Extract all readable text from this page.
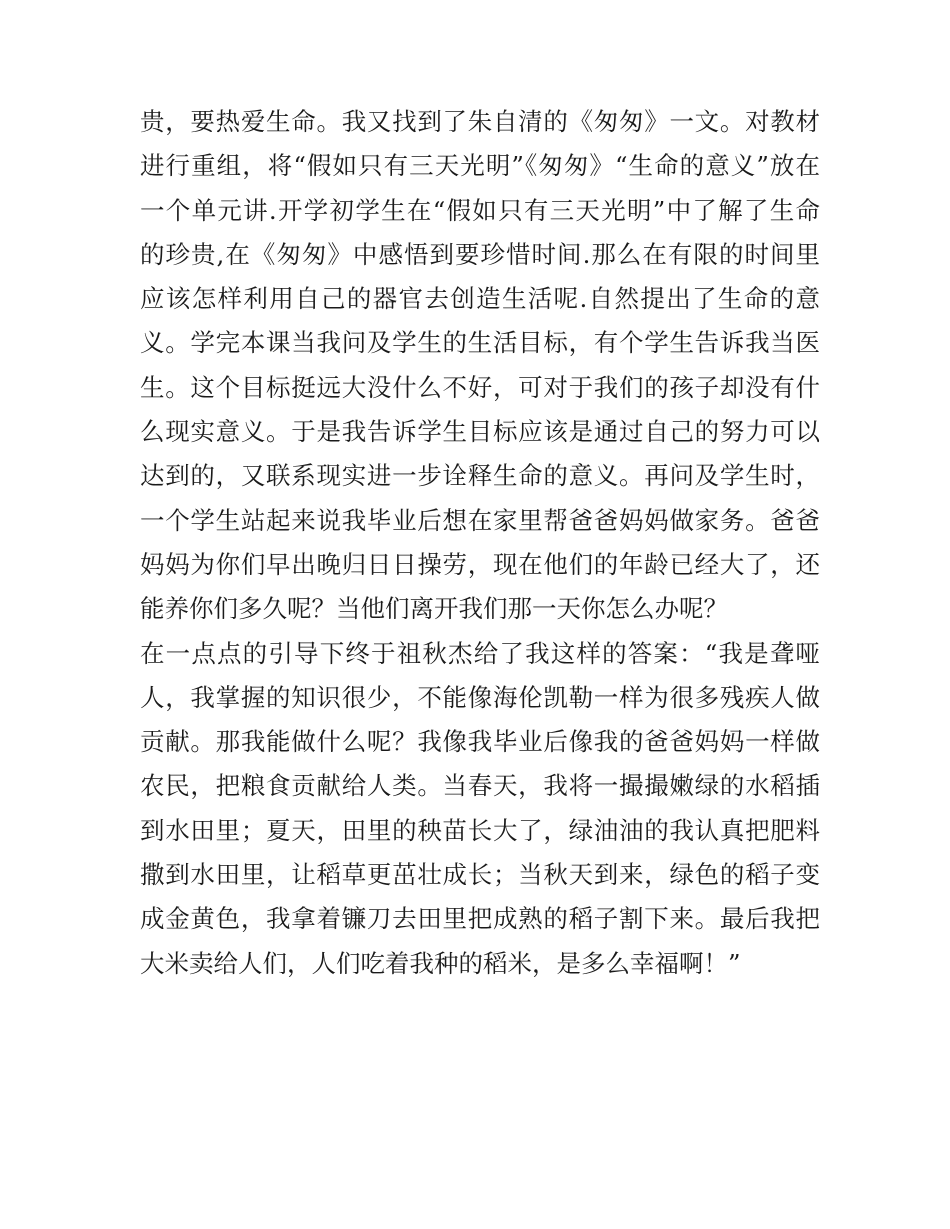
贵，要热爱生命。我又找到了朱自清的《匆匆》一文。对教材
进行重组，将“假如只有三天光明”《匆匆》“生命的意义”放在
一个单元讲.开学初学生在“假如只有三天光明”中了解了生命
的珍贵,在《匆匆》中感悟到要珍惜时间.那么在有限的时间里
应该怎样利用自己的器官去创造生活呢.自然提出了生命的意
义。学完本课当我问及学生的生活目标，有个学生告诉我当医
生。这个目标挺远大没什么不好，可对于我们的孩子却没有什
么现实意义。于是我告诉学生目标应该是通过自己的努力可以
达到的，又联系现实进一步诠释生命的意义。再问及学生时，
一个学生站起来说我毕业后想在家里帮爸爸妈妈做家务。爸爸
妈妈为你们早出晚归日日操劳，现在他们的年龄已经大了，还
能养你们多久呢？当他们离开我们那一天你怎么办呢？
在一点点的引导下终于祖秋杰给了我这样的答案：“我是聋哑
人，我掌握的知识很少，不能像海伦凯勒一样为很多残疾人做
贡献。那我能做什么呢？我像我毕业后像我的爸爸妈妈一样做
农民，把粮食贡献给人类。当春天，我将一撮撮嫩绿的水稻插
到水田里；夏天，田里的秧苗长大了，绿油油的我认真把肥料
撒到水田里，让稻草更茁壮成长；当秋天到来，绿色的稻子变
成金黄色，我拿着镰刀去田里把成熟的稻子割下来。最后我把
大米卖给人们，人们吃着我种的稻米，是多么幸福啊！”
